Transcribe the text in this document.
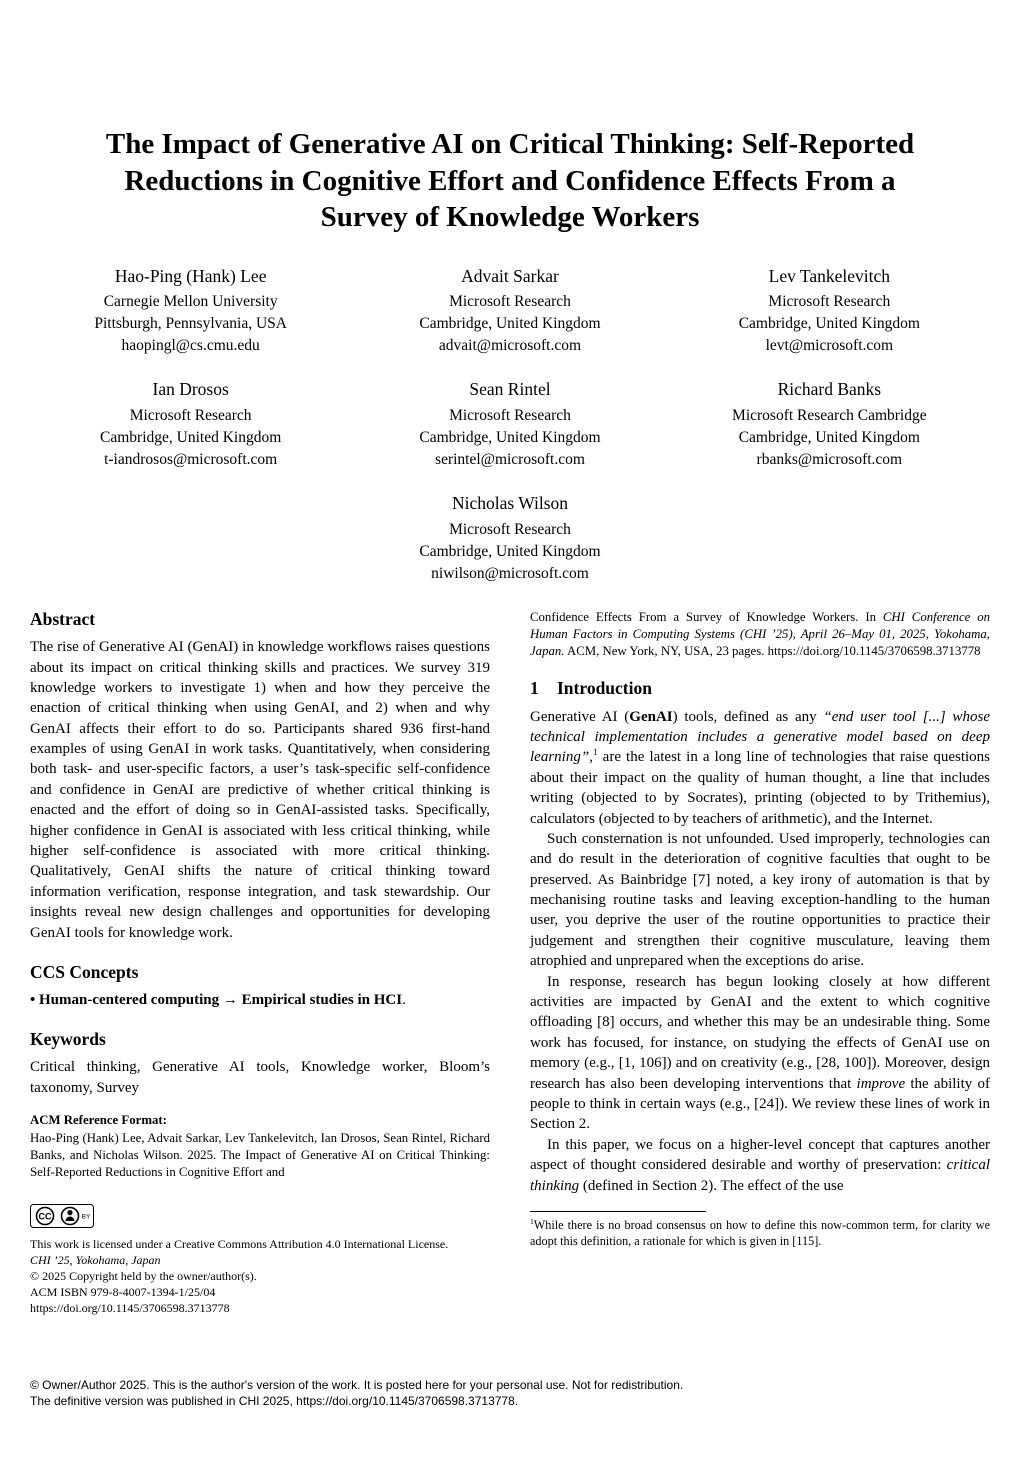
The Impact of Generative AI on Critical Thinking: Self-Reported
Reductions in Cognitive Effort and Confidence Effects From a
Survey of Knowledge Workers
Hao-Ping (Hank) Lee
Carnegie Mellon University
Pittsburgh, Pennsylvania, USA
haopingl@cs.cmu.edu
Advait Sarkar
Microsoft Research
Cambridge, United Kingdom
advait@microsoft.com
Lev Tankelevitch
Microsoft Research
Cambridge, United Kingdom
levt@microsoft.com
Ian Drosos
Microsoft Research
Cambridge, United Kingdom
t-iandrosos@microsoft.com
Sean Rintel
Microsoft Research
Cambridge, United Kingdom
serintel@microsoft.com
Richard Banks
Microsoft Research Cambridge
Cambridge, United Kingdom
rbanks@microsoft.com
Nicholas Wilson
Microsoft Research
Cambridge, United Kingdom
niwilson@microsoft.com
Abstract

The rise of Generative AI (GenAI) in knowledge workflows raises questions about its impact on critical thinking skills and practices. We survey 319 knowledge workers to investigate 1) when and how they perceive the enaction of critical thinking when using GenAI, and 2) when and why GenAI affects their effort to do so. Participants shared 936 first-hand examples of using GenAI in work tasks. Quantitatively, when considering both task- and user-specific factors, a user’s task-specific self-confidence and confidence in GenAI are predictive of whether critical thinking is enacted and the effort of doing so in GenAI-assisted tasks. Specifically, higher confidence in GenAI is associated with less critical thinking, while higher self-confidence is associated with more critical thinking. Qualitatively, GenAI shifts the nature of critical thinking toward information verification, response integration, and task stewardship. Our insights reveal new design challenges and opportunities for developing GenAI tools for knowledge work.

CCS Concepts

• Human-centered computing → Empirical studies in HCI.

Keywords

Critical thinking, Generative AI tools, Knowledge worker, Bloom’s taxonomy, Survey

ACM Reference Format:

Hao-Ping (Hank) Lee, Advait Sarkar, Lev Tankelevitch, Ian Drosos, Sean Rintel, Richard Banks, and Nicholas Wilson. 2025. The Impact of Generative AI on Critical Thinking: Self-Reported Reductions in Cognitive Effort and

CC	BY

This work is licensed under a Creative Commons Attribution 4.0 International License.

CHI ’25, Yokohama, Japan

© 2025 Copyright held by the owner/author(s).

ACM ISBN 979-8-4007-1394-1/25/04

https://doi.org/10.1145/3706598.3713778

Confidence Effects From a Survey of Knowledge Workers. In CHI Conference on Human Factors in Computing Systems (CHI ’25), April 26–May 01, 2025, Yokohama, Japan. ACM, New York, NY, USA, 23 pages. https://doi.org/10.1145/3706598.3713778

1 Introduction

Generative AI (GenAI) tools, defined as any “end user tool [...] whose technical implementation includes a generative model based on deep learning”,$^1$ are the latest in a long line of technologies that raise questions about their impact on the quality of human thought, a line that includes writing (objected to by Socrates), printing (objected to by Trithemius), calculators (objected to by teachers of arithmetic), and the Internet.

Such consternation is not unfounded. Used improperly, technologies can and do result in the deterioration of cognitive faculties that ought to be preserved. As Bainbridge [7] noted, a key irony of automation is that by mechanising routine tasks and leaving exception-handling to the human user, you deprive the user of the routine opportunities to practice their judgement and strengthen their cognitive musculature, leaving them atrophied and unprepared when the exceptions do arise.

In response, research has begun looking closely at how different activities are impacted by GenAI and the extent to which cognitive offloading [8] occurs, and whether this may be an undesirable thing. Some work has focused, for instance, on studying the effects of GenAI use on memory (e.g., [1, 106]) and on creativity (e.g., [28, 100]). Moreover, design research has also been developing interventions that improve the ability of people to think in certain ways (e.g., [24]). We review these lines of work in Section 2.

In this paper, we focus on a higher-level concept that captures another aspect of thought considered desirable and worthy of preservation: critical thinking (defined in Section 2). The effect of the use

$^1$While there is no broad consensus on how to define this now-common term, for clarity we adopt this definition, a rationale for which is given in [115].

© Owner/Author 2025. This is the author's version of the work. It is posted here for your personal use. Not for redistribution.

The definitive version was published in CHI 2025, https://doi.org/10.1145/3706598.3713778.
